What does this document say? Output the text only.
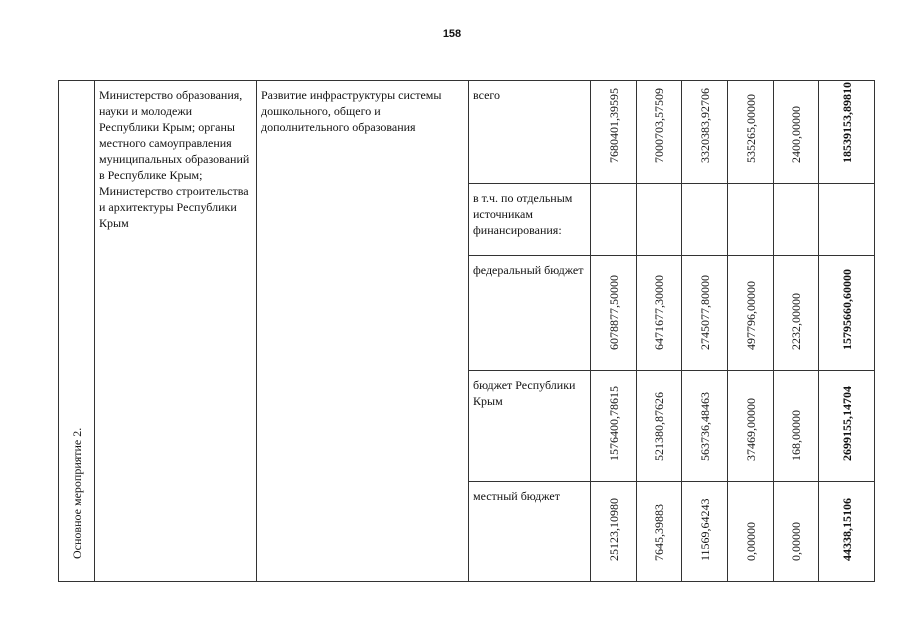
158
Основное мероприятие 2.	Министерство образования, науки и молодежи Республики Крым; органы местного самоуправления муниципальных образований в Республике Крым; Министерство строительства и архитектуры Республики Крым	Развитие инфраструктуры системы дошкольного, общего и дополнительного образования	всего	7680401,39595	7000703,57509	3320383,92706	535265,00000	2400,00000	18539153,89810

			в т.ч. по отдельным источникам финансирования:						
			федеральный бюджет	6078877,50000	6471677,30000	2745077,80000	497796,00000	2232,00000	15795660,60000

			бюджет Республики Крым	1576400,78615	521380,87626	563736,48463	37469,00000	168,00000	2699155,14704

			местный бюджет	25123,10980	7645,39883	11569,64243	0,00000	0,00000	44338,15106
